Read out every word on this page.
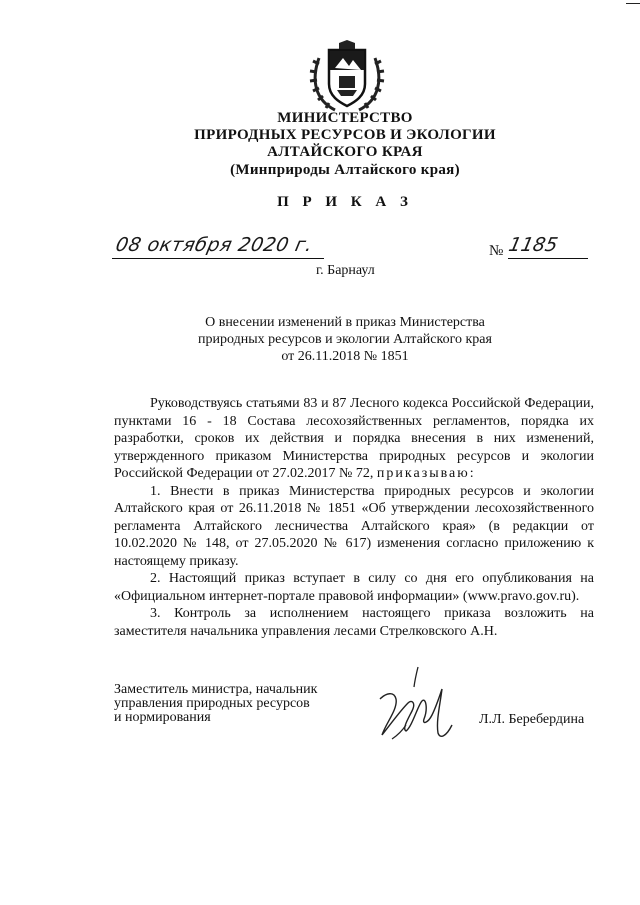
МИНИСТЕРСТВО
ПРИРОДНЫХ РЕСУРСОВ И ЭКОЛОГИИ
АЛТАЙСКОГО КРАЯ
(Минприроды Алтайского края)
П Р И К А З
08 октября 2020 г.	№ 1185
г. Барнаул
О внесении изменений в приказ Министерства
природных ресурсов и экологии Алтайского края
от 26.11.2018 № 1851

Руководствуясь статьями 83 и 87 Лесного кодекса Российской Федерации, пунктами 16 - 18 Состава лесохозяйственных регламентов, порядка их разработки, сроков их действия и порядка внесения в них изменений, утвержденного приказом Министерства природных ресурсов и экологии Российской Федерации от 27.02.2017 № 72, приказываю:

1. Внести в приказ Министерства природных ресурсов и экологии Алтайского края от 26.11.2018 № 1851 «Об утверждении лесохозяйственного регламента Алтайского лесничества Алтайского края» (в редакции от 10.02.2020 № 148, от 27.05.2020 № 617) изменения согласно приложению к настоящему приказу.

2. Настоящий приказ вступает в силу со дня его опубликования на «Официальном интернет-портале правовой информации» (www.pravo.gov.ru).

3. Контроль за исполнением настоящего приказа возложить на заместителя начальника управления лесами Стрелковского А.Н.

Заместитель министра, начальник
управления природных ресурсов
и нормирования	Л.Л. Беребердина
